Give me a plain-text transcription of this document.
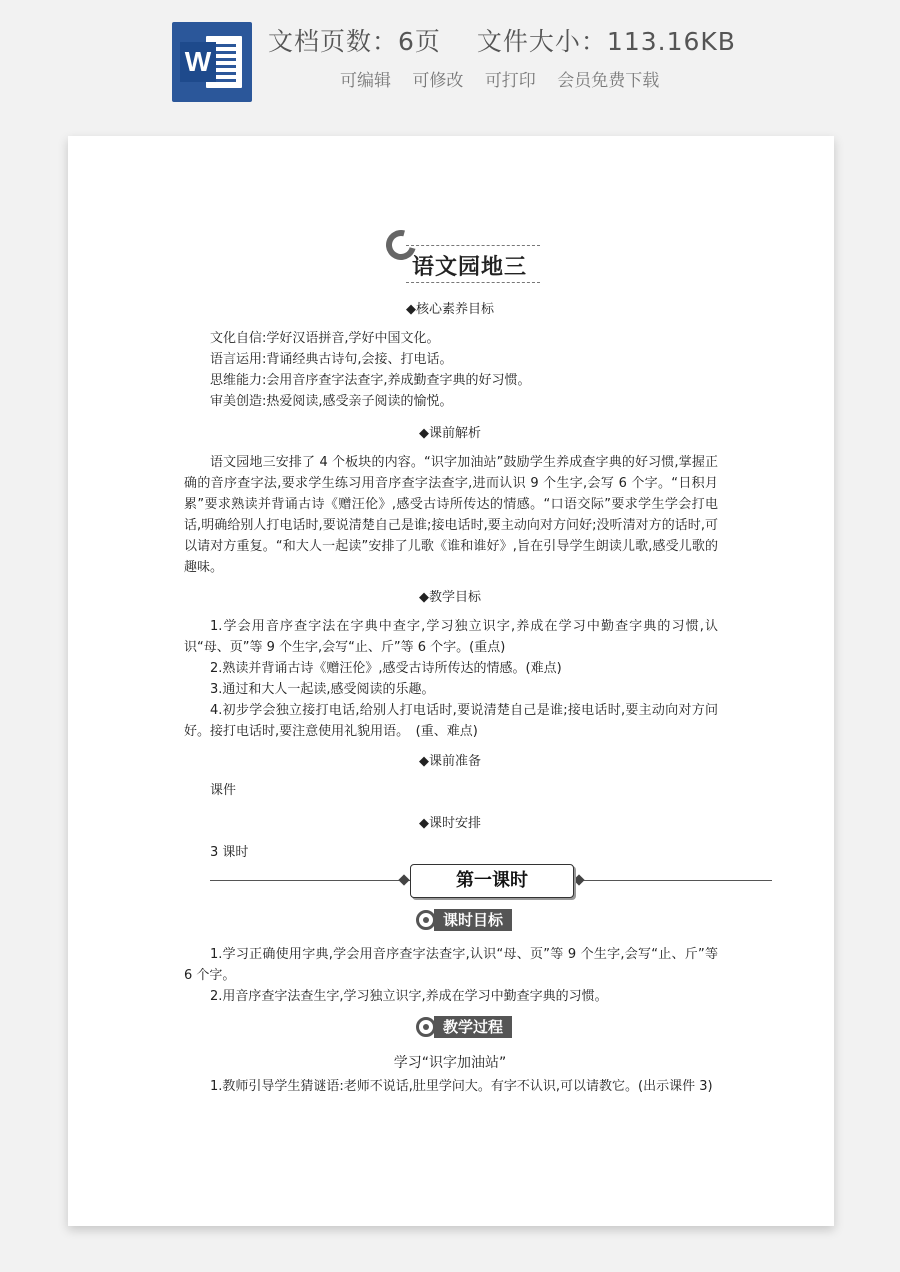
W
文档页数：6页 文件大小：113.16KB
可编辑 可修改 可打印 会员免费下载
语文园地三
◆核心素养目标

文化自信:学好汉语拼音,学好中国文化。

语言运用:背诵经典古诗句,会接、打电话。

思维能力:会用音序查字法查字,养成勤查字典的好习惯。

审美创造:热爱阅读,感受亲子阅读的愉悦。

◆课前解析

语文园地三安排了 4 个板块的内容。“识字加油站”鼓励学生养成查字典的好习惯,掌握正确的音序查字法,要求学生练习用音序查字法查字,进而认识 9 个生字,会写 6 个字。“日积月累”要求熟读并背诵古诗《赠汪伦》,感受古诗所传达的情感。“口语交际”要求学生学会打电话,明确给别人打电话时,要说清楚自己是谁;接电话时,要主动向对方问好;没听清对方的话时,可以请对方重复。“和大人一起读”安排了儿歌《谁和谁好》,旨在引导学生朗读儿歌,感受儿歌的趣味。

◆教学目标

1.学会用音序查字法在字典中查字,学习独立识字,养成在学习中勤查字典的习惯,认识“母、页”等 9 个生字,会写“止、斤”等 6 个字。(重点)

2.熟读并背诵古诗《赠汪伦》,感受古诗所传达的情感。(难点)

3.通过和大人一起读,感受阅读的乐趣。

4.初步学会独立接打电话,给别人打电话时,要说清楚自己是谁;接电话时,要主动向对方问好。接打电话时,要注意使用礼貌用语。　(重、难点)

◆课前准备

课件

◆课时安排

3 课时

第一课时
课时目标

1.学习正确使用字典,学会用音序查字法查字,认识“母、页”等 9 个生字,会写“止、斤”等 6 个字。

2.用音序查字法查生字,学习独立识字,养成在学习中勤查字典的习惯。

教学过程
学习“识字加油站”

1.教师引导学生猜谜语:老师不说话,肚里学问大。有字不认识,可以请教它。(出示课件 3)
